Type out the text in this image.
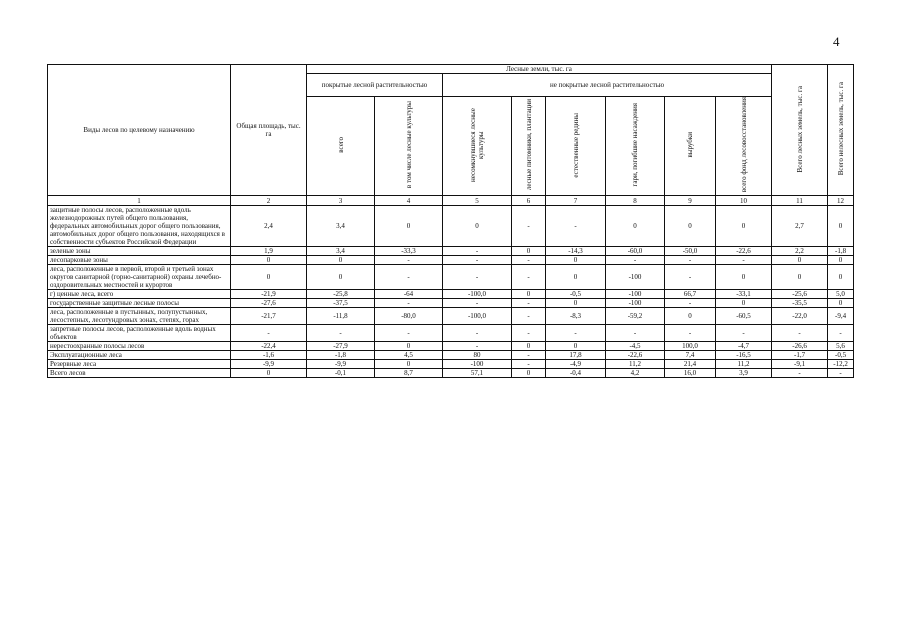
4
Виды лесов по целевому назначению	Общая площадь, тыс. га	Лесные земли, тыс. га								Всего лесных земель, тыс. га	Всего нелесных земель, тыс. га
		покрытые лесной растительностью		не покрытые лесной растительностью							
		всего	в том числе лесные культуры	несомкнувшиеся лесные культуры	лесные питомники, плантации	естественные редины	гари, погибшие насаждения	вырубки	всего фонд лесовосстановления		
1	2	3	4	5	6	7	8	9	10	11	12
защитные полосы лесов, расположенные вдоль железнодорожных путей общего пользования, федеральных автомобильных дорог общего пользования, автомобильных дорог общего пользования, находящихся в собственности субъектов Российской Федерации	2,4	3,4	0	0	-	-	0	0	0	2,7	0
зеленые зоны	1,9	3,4	-33,3	-	0	-14,3	-60,0	-50,0	-22,6	2,2	-1,8
лесопарковые зоны	0	0	-	-	-	0	-	-	-	0	0
леса, расположенные в первой, второй и третьей зонах округов санитарной (горно-санитарной) охраны лечебно-оздоровительных местностей и курортов	0	0	-	-	-	0	-100	-	0	0	0
г) ценные леса, всего	-21,9	-25,8	-64	-100,0	0	-0,5	-100	66,7	-33,1	-25,6	5,0
государственные защитные лесные полосы	-27,6	-37,5	-	-	-	0	-100	-	0	-35,5	0
леса, расположенные в пустынных, полупустынных, лесостепных, лесотундровых зонах, степях, горах	-21,7	-11,8	-80,0	-100,0	-	-8,3	-59,2	0	-60,5	-22,0	-9,4
запретные полосы лесов, расположенные вдоль водных объектов	-	-	-	-	-	-	-	-	-	-	-
нерестоохранные полосы лесов	-22,4	-27,9	0	-	0	0	-4,5	100,0	-4,7	-26,6	5,6
Эксплуатационные леса	-1,6	-1,8	4,5	80	-	17,8	-22,6	7,4	-16,5	-1,7	-0,5
Резервные леса	-9,9	-9,9	0	-100	-	-4,9	11,2	21,4	11,2	-9,1	-12,2
Всего лесов	0	-0,1	8,7	57,1	0	-0,4	4,2	16,0	3,9	-	-
